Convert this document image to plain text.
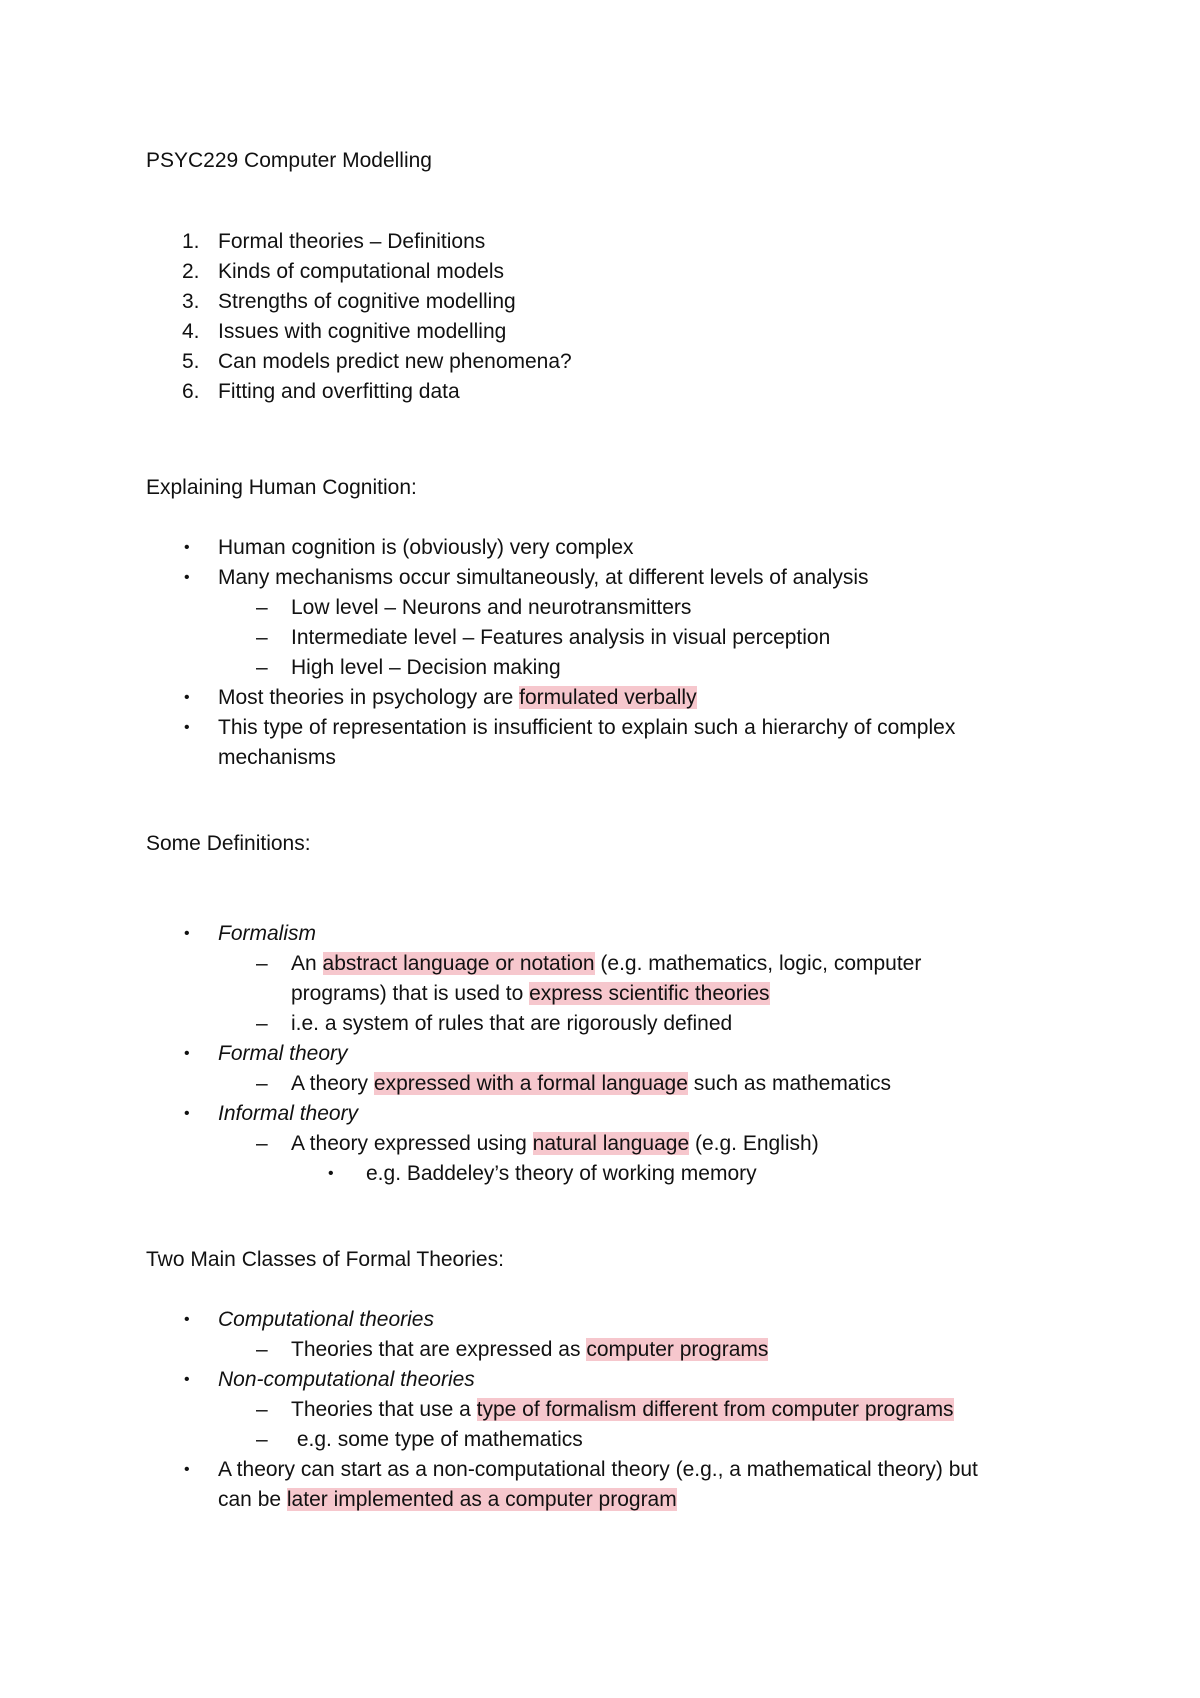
PSYC229 Computer Modelling
1. Formal theories – Definitions
2. Kinds of computational models
3. Strengths of cognitive modelling
4. Issues with cognitive modelling
5. Can models predict new phenomena?
6. Fitting and overfitting data
Explaining Human Cognition:
• Human cognition is (obviously) very complex
• Many mechanisms occur simultaneously, at different levels of analysis
– Low level – Neurons and neurotransmitters
– Intermediate level – Features analysis in visual perception
– High level – Decision making
• Most theories in psychology are formulated verbally
• This type of representation is insufficient to explain such a hierarchy of complex
mechanisms
Some Definitions:
• Formalism
– An abstract language or notation (e.g. mathematics, logic, computer
programs) that is used to express scientific theories
– i.e. a system of rules that are rigorously defined
• Formal theory
– A theory expressed with a formal language such as mathematics
• Informal theory
– A theory expressed using natural language (e.g. English)
• e.g. Baddeley’s theory of working memory
Two Main Classes of Formal Theories:
• Computational theories
– Theories that are expressed as computer programs
• Non-computational theories
– Theories that use a type of formalism different from computer programs
– e.g. some type of mathematics
• A theory can start as a non-computational theory (e.g., a mathematical theory) but
can be later implemented as a computer program
